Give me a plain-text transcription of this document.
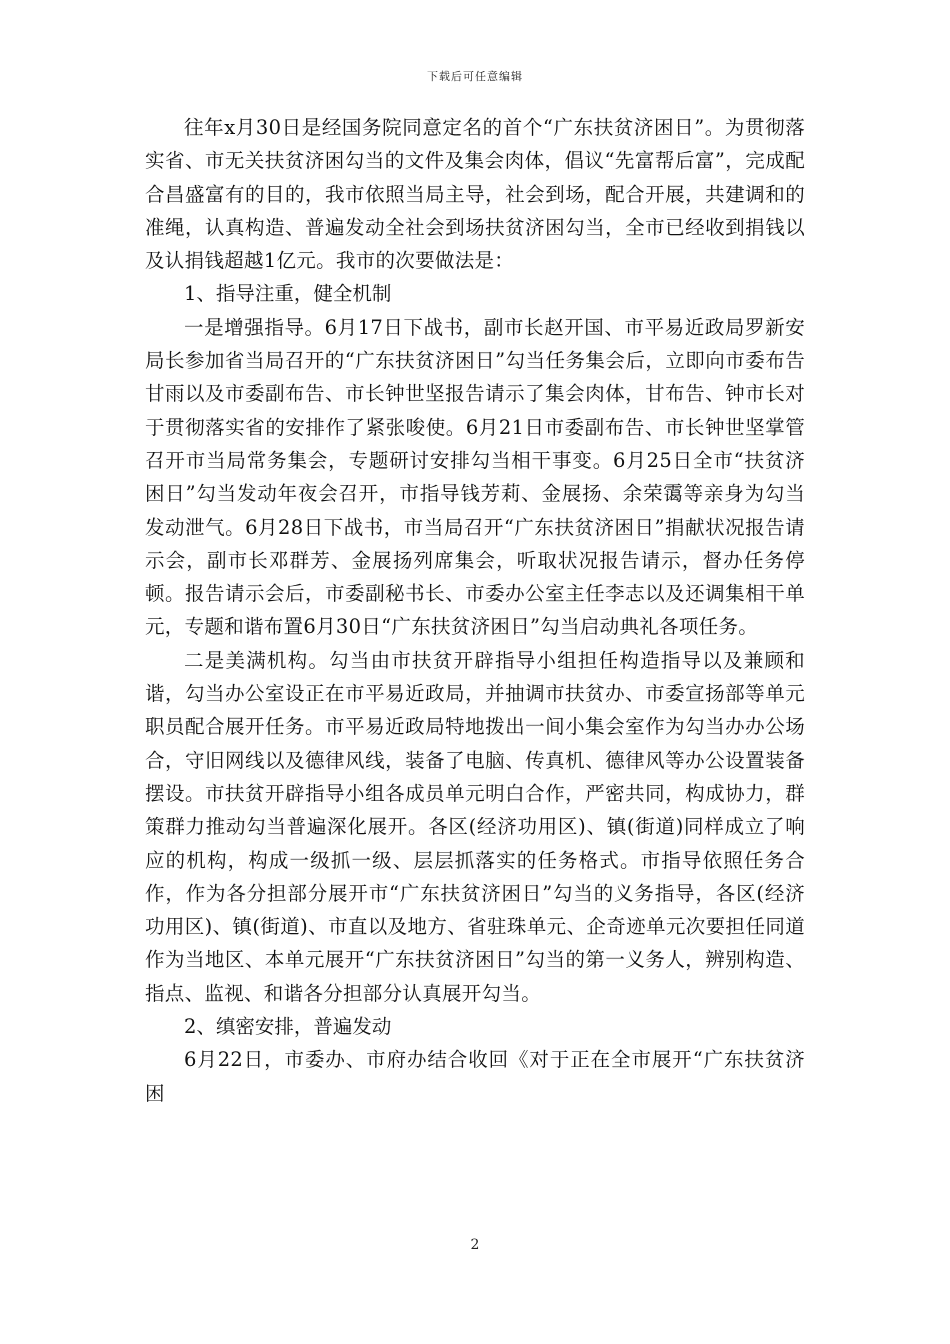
下载后可任意编辑

往年x月30日是经国务院同意定名的首个“广东扶贫济困日”。为贯彻落实省、市无关扶贫济困勾当的文件及集会肉体，倡议“先富帮后富”，完成配合昌盛富有的目的，我市依照当局主导，社会到场，配合开展，共建调和的准绳，认真构造、普遍发动全社会到场扶贫济困勾当，全市已经收到捐钱以及认捐钱超越1亿元。我市的次要做法是：

1、指导注重，健全机制

一是增强指导。6月17日下战书，副市长赵开国、市平易近政局罗新安局长参加省当局召开的“广东扶贫济困日”勾当任务集会后，立即向市委布告甘雨以及市委副布告、市长钟世坚报告请示了集会肉体，甘布告、钟市长对于贯彻落实省的安排作了紧张唆使。6月21日市委副布告、市长钟世坚掌管召开市当局常务集会，专题研讨安排勾当相干事变。6月25日全市“扶贫济困日”勾当发动年夜会召开，市指导钱芳莉、金展扬、余荣霭等亲身为勾当发动泄气。6月28日下战书，市当局召开“广东扶贫济困日”捐献状况报告请示会，副市长邓群芳、金展扬列席集会，听取状况报告请示，督办任务停顿。报告请示会后，市委副秘书长、市委办公室主任李志以及还调集相干单元，专题和谐布置6月30日“广东扶贫济困日”勾当启动典礼各项任务。

二是美满机构。勾当由市扶贫开辟指导小组担任构造指导以及兼顾和谐，勾当办公室设正在市平易近政局，并抽调市扶贫办、市委宣扬部等单元职员配合展开任务。市平易近政局特地拨出一间小集会室作为勾当办办公场合，守旧网线以及德律风线，装备了电脑、传真机、德律风等办公设置装备摆设。市扶贫开辟指导小组各成员单元明白合作，严密共同，构成协力，群策群力推动勾当普遍深化展开。各区(经济功用区)、镇(街道)同样成立了响应的机构，构成一级抓一级、层层抓落实的任务格式。市指导依照任务合作，作为各分担部分展开市“广东扶贫济困日”勾当的义务指导，各区(经济功用区)、镇(街道)、市直以及地方、省驻珠单元、企奇迹单元次要担任同道作为当地区、本单元展开“广东扶贫济困日”勾当的第一义务人，辨别构造、指点、监视、和谐各分担部分认真展开勾当。

2、缜密安排，普遍发动

6月22日，市委办、市府办结合收回《对于正在全市展开“广东扶贫济困

2
